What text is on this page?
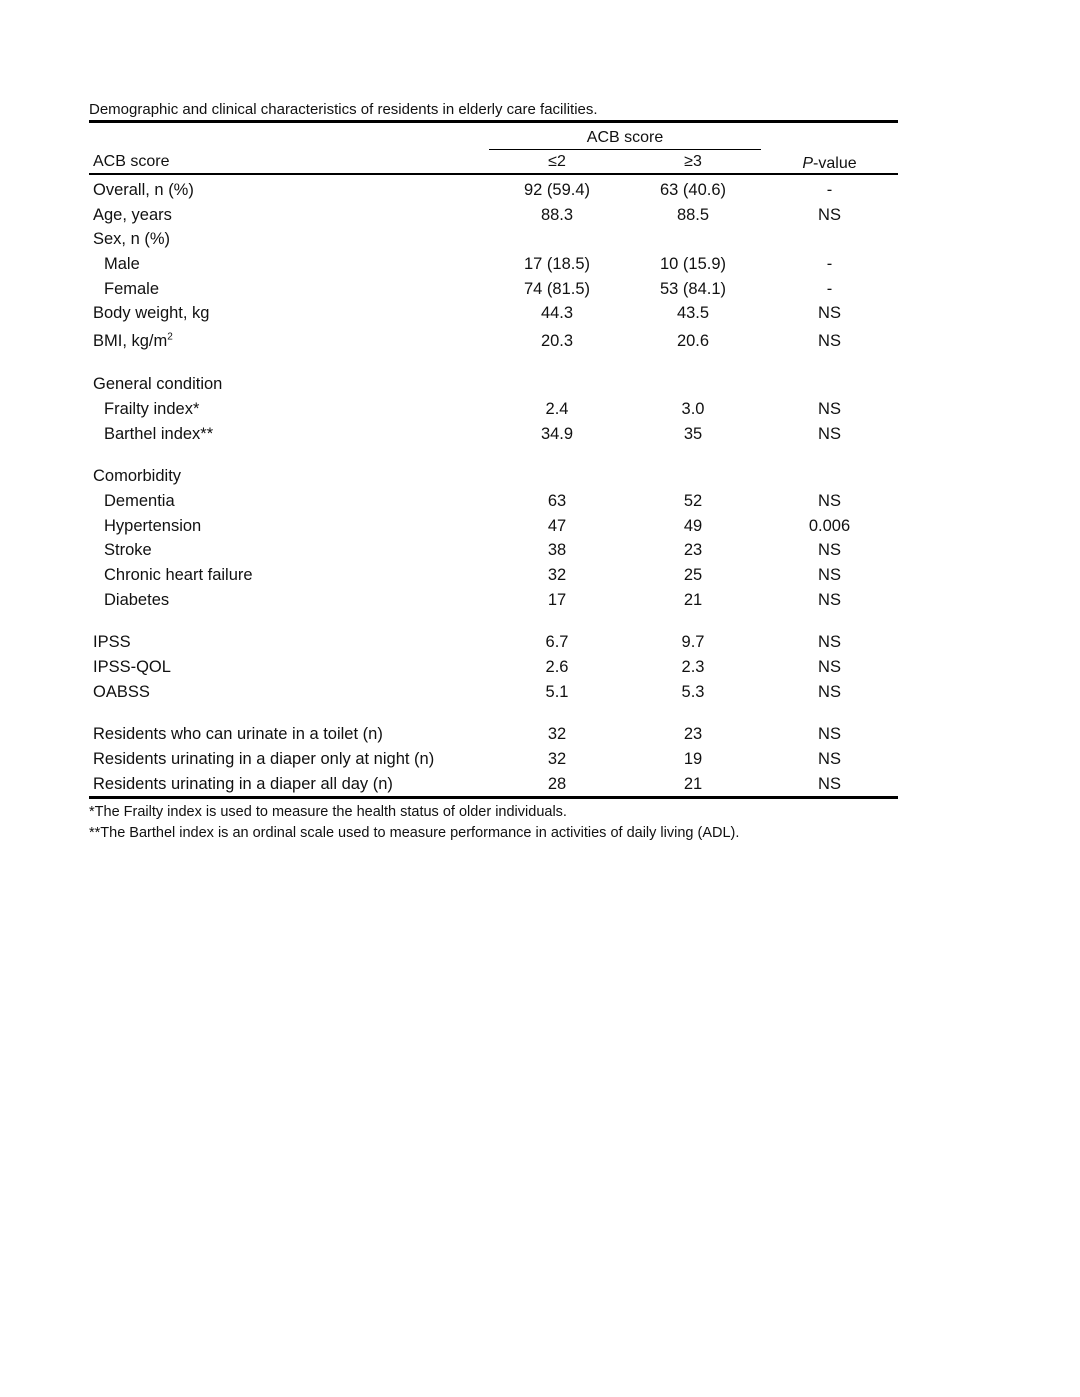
Demographic and clinical characteristics of residents in elderly care facilities.
ACB score
ACB score	≤2	≥3	P-value
Overall, n (%)	92 (59.4)	63 (40.6)	-
Age, years	88.3	88.5	NS
Sex, n (%)
Male	17 (18.5)	10 (15.9)	-
Female	74 (81.5)	53 (84.1)	-
Body weight, kg	44.3	43.5	NS
BMI, $kg/m^2$	20.3	20.6	NS
General condition
Frailty index*	2.4	3.0	NS
Barthel index**	34.9	35	NS
Comorbidity
Dementia	63	52	NS
Hypertension	47	49	0.006
Stroke	38	23	NS
Chronic heart failure	32	25	NS
Diabetes	17	21	NS
IPSS	6.7	9.7	NS
IPSS-QOL	2.6	2.3	NS
OABSS	5.1	5.3	NS
Residents who can urinate in a toilet (n)	32	23	NS
Residents urinating in a diaper only at night (n)	32	19	NS
Residents urinating in a diaper all day (n)	28	21	NS
*The Frailty index is used to measure the health status of older individuals.
**The Barthel index is an ordinal scale used to measure performance in activities of daily living (ADL).
